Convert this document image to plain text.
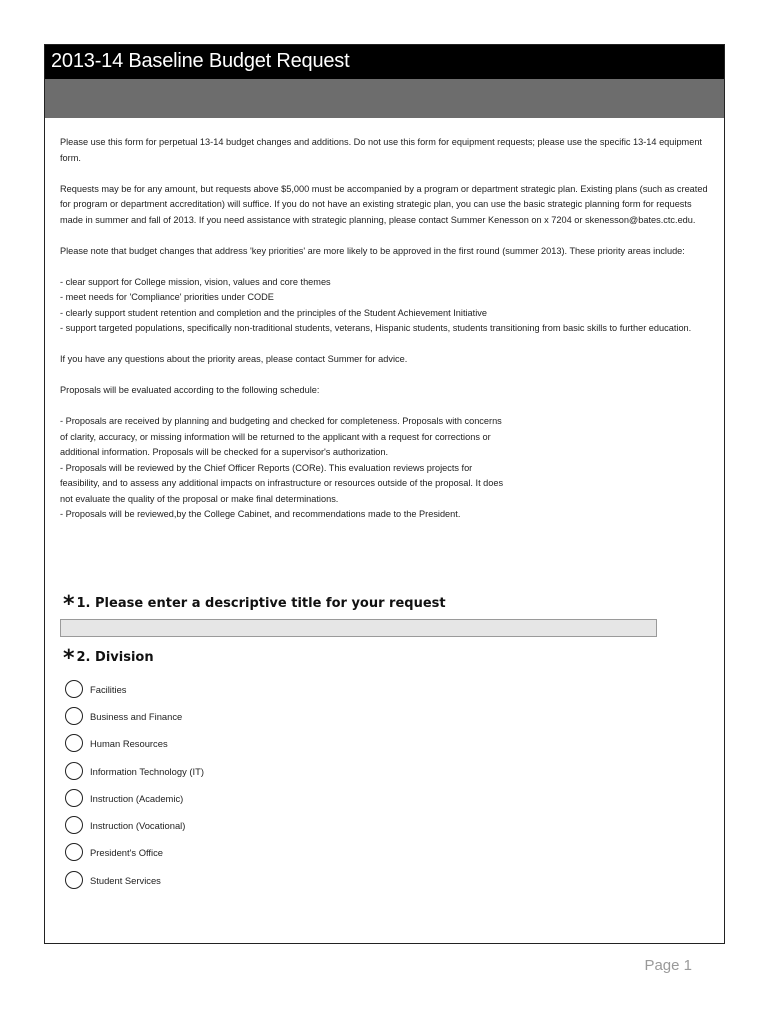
2013-14 Baseline Budget Request

Please use this form for perpetual 13-14 budget changes and additions. Do not use this form for equipment requests; please use the specific 13-14 equipment form.

Requests may be for any amount, but requests above $5,000 must be accompanied by a program or department strategic plan. Existing plans (such as created for program or department accreditation) will suffice. If you do not have an existing strategic plan, you can use the basic strategic planning form for requests made in summer and fall of 2013. If you need assistance with strategic planning, please contact Summer Kenesson on x 7204 or skenesson@bates.ctc.edu.

Please note that budget changes that address 'key priorities' are more likely to be approved in the first round (summer 2013). These priority areas include:

- clear support for College mission, vision, values and core themes

- meet needs for 'Compliance' priorities under CODE

- clearly support student retention and completion and the principles of the Student Achievement Initiative

- support targeted populations, specifically non-traditional students, veterans, Hispanic students, students transitioning from basic skills to further education.

If you have any questions about the priority areas, please contact Summer for advice.

Proposals will be evaluated according to the following schedule:

- Proposals are received by planning and budgeting and checked for completeness. Proposals with concerns of clarity, accuracy, or missing information will be returned to the applicant with a request for corrections or additional information. Proposals will be checked for a supervisor's authorization.

- Proposals will be reviewed by the Chief Officer Reports (CORe). This evaluation reviews projects for feasibility, and to assess any additional impacts on infrastructure or resources outside of the proposal. It does not evaluate the quality of the proposal or make final determinations.

- Proposals will be reviewed,by the College Cabinet, and recommendations made to the President.

* 1. Please enter a descriptive title for your request
* 2. Division
Facilities
Business and Finance
Human Resources
Information Technology (IT)
Instruction (Academic)
Instruction (Vocational)
President's Office
Student Services
Page 1
